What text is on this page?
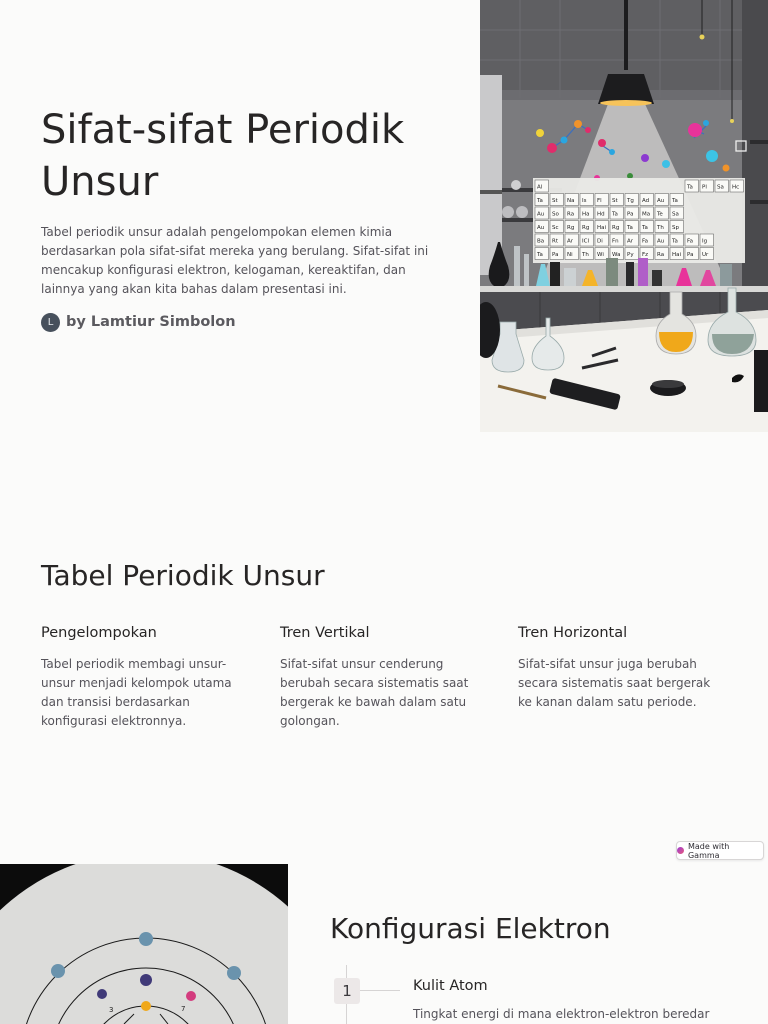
Sifat-sifat Periodik Unsur

Tabel periodik unsur adalah pengelompokan elemen kimia berdasarkan pola sifat-sifat mereka yang berulang. Sifat-sifat ini mencakup konfigurasi elektron, kelogaman, kereaktifan, dan lainnya yang akan kita bahas dalam presentasi ini.

L by Lamtiur Simbolon
Al	Ta Pl Sa Hc
Ta St Na Is Fl St Tg Ad Au Ta
Au So Ra Ha Hd Ta Pa Ma Te Sa
Au Sc Rg Rg Hai Rg Ta Ta Th Sp
Ba Rt Ar ICl Di Fn Ar Fa Au Ta Fa Ig
Ta Pa Ni Th Wi Wa Py Fz Ra Hai Pa Ur
Tabel Periodik Unsur
Pengelompokan

Tabel periodik membagi unsur-unsur menjadi kelompok utama dan transisi berdasarkan konfigurasi elektronnya.

Tren Vertikal

Sifat-sifat unsur cenderung berubah secara sistematis saat bergerak ke bawah dalam satu golongan.

Tren Horizontal

Sifat-sifat unsur juga berubah secara sistematis saat bergerak ke kanan dalam satu periode.

Made with Gamma
3	7
Konfigurasi Elektron
1	Kulit Atom
Tingkat energi di mana elektron-elektron beredar
